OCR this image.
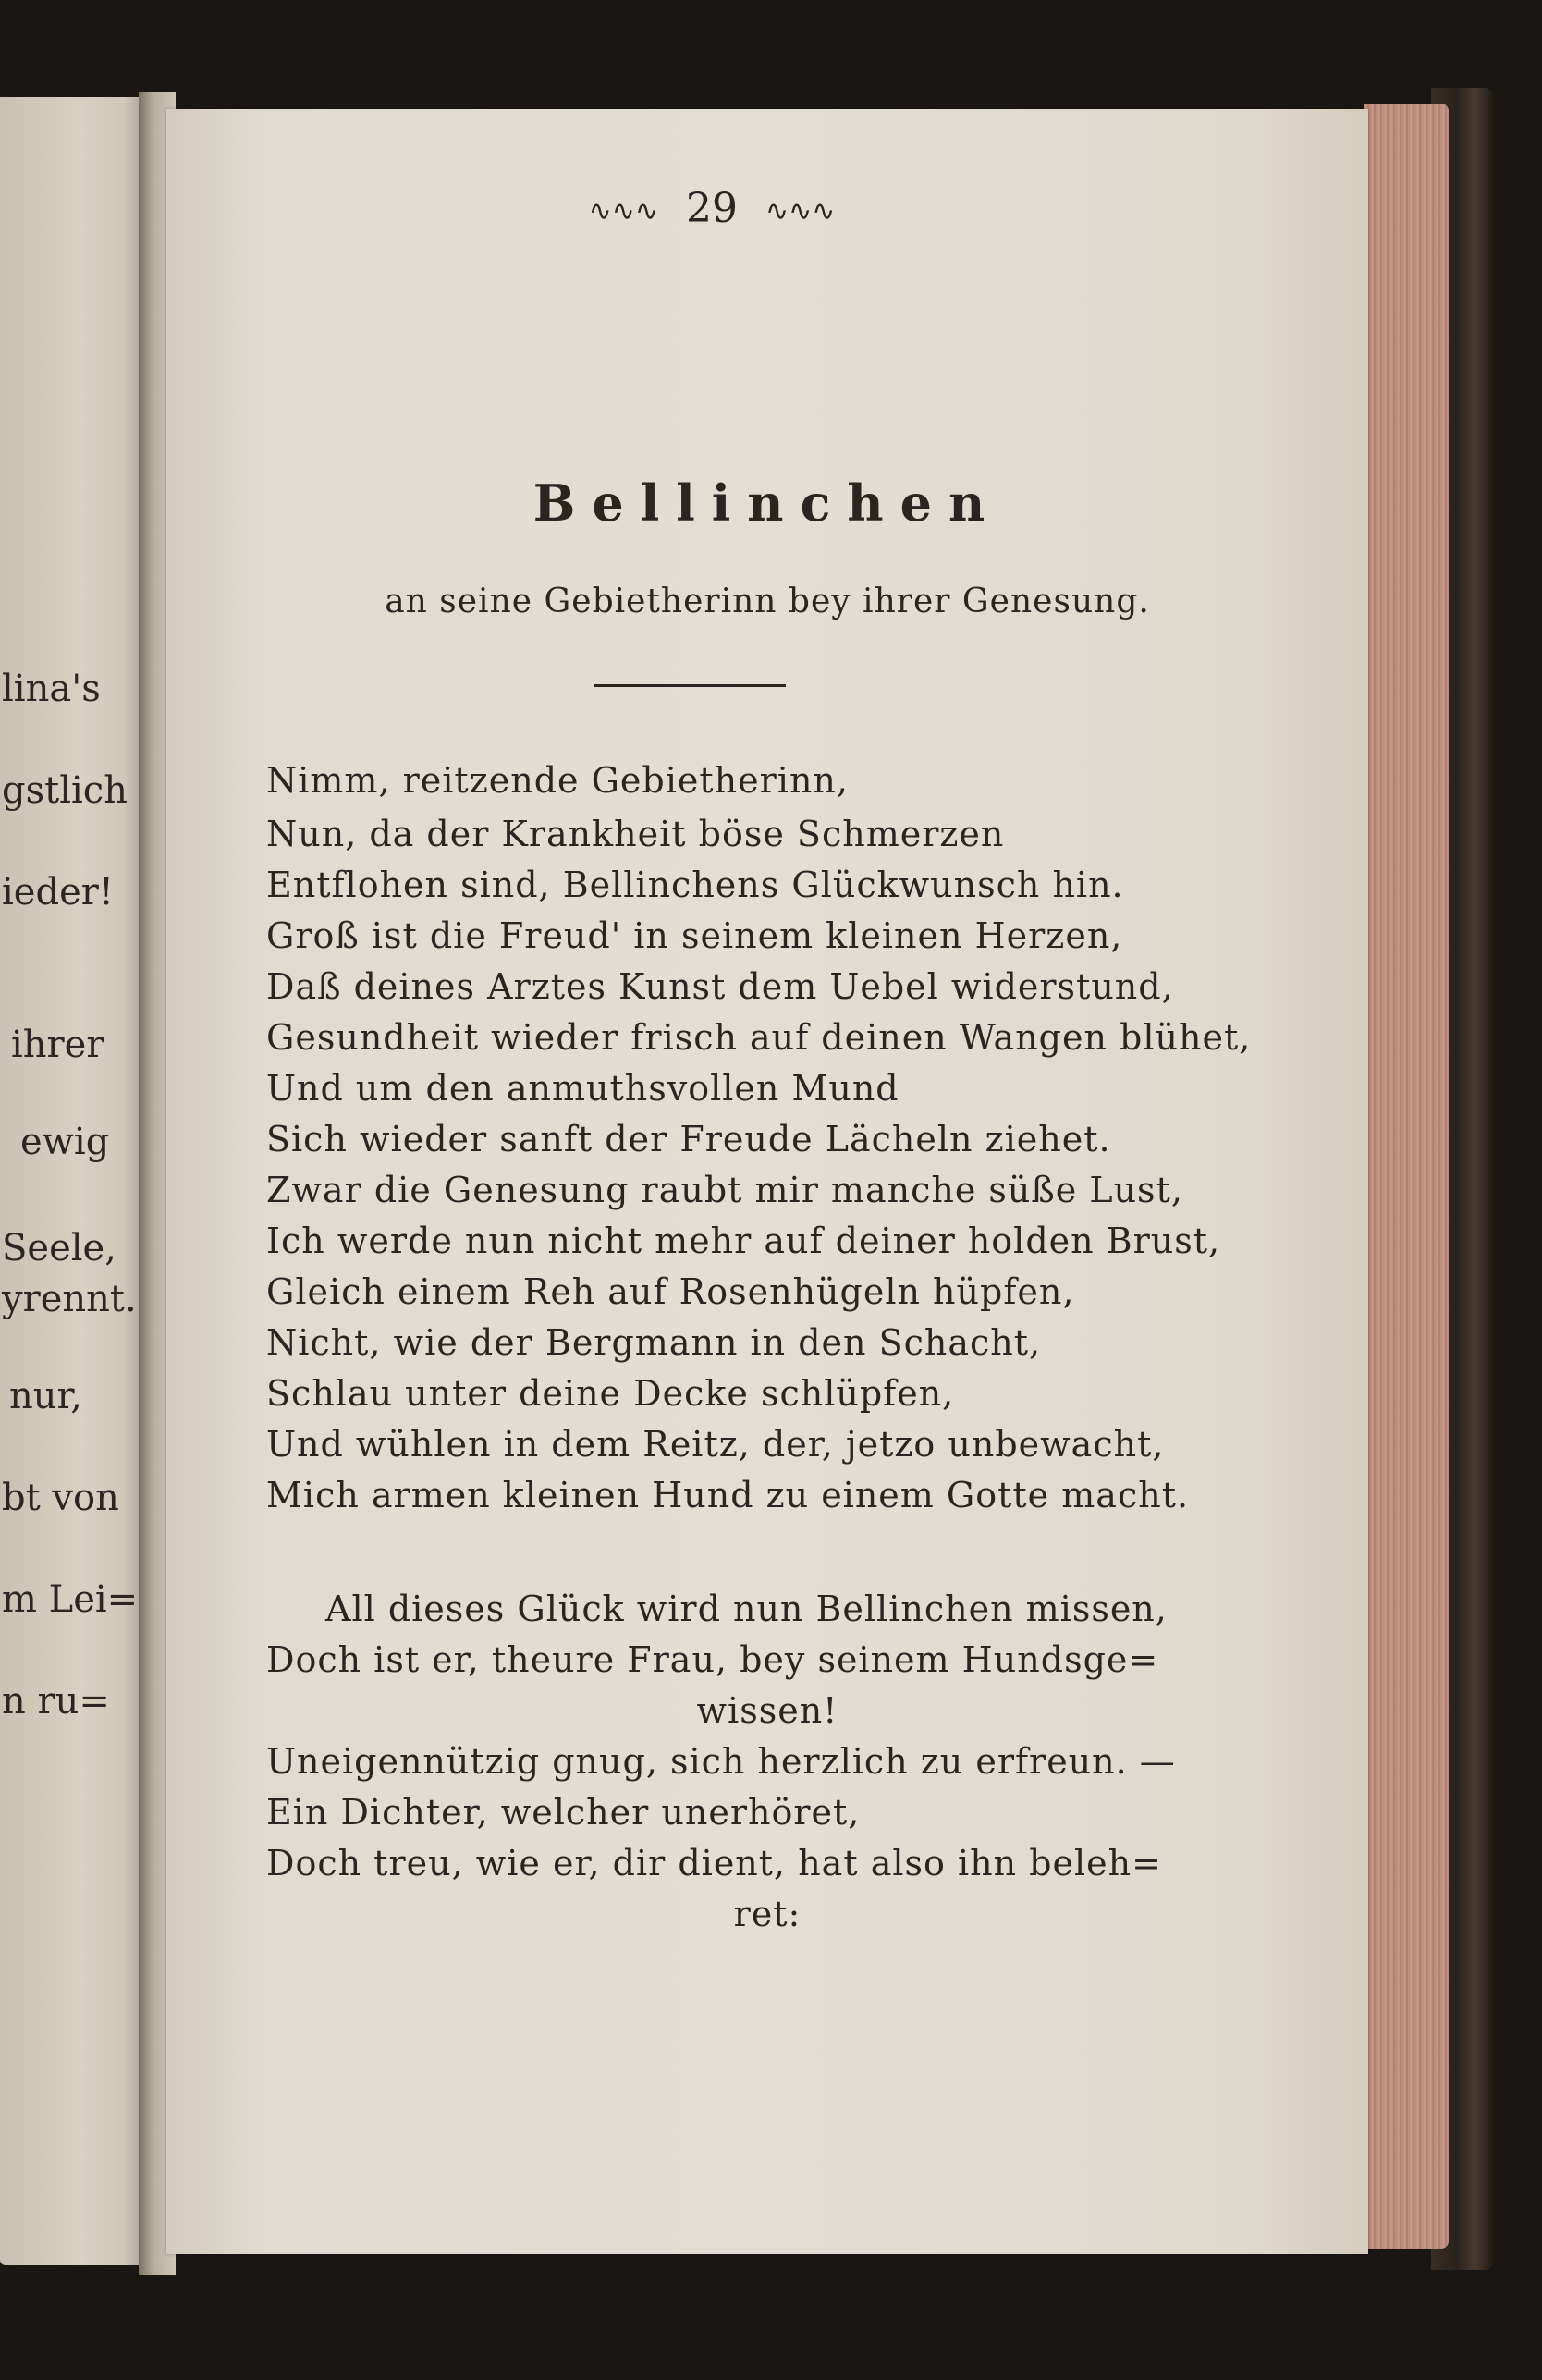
lina's
gstlich
ieder!
ihrer
ewig
Seele,
yrennt.
nur,
bt von
m Lei=
n ru=
∿∿∿ 29 ∿∿∿
Bellinchen
an seine Gebietherinn bey ihrer Genesung.
Nimm, reitzende Gebietherinn,
Nun, da der Krankheit böse Schmerzen
Entflohen sind, Bellinchens Glückwunsch hin.
Groß ist die Freud' in seinem kleinen Herzen,
Daß deines Arztes Kunst dem Uebel widerstund,
Gesundheit wieder frisch auf deinen Wangen blühet,
Und um den anmuthsvollen Mund
Sich wieder sanft der Freude Lächeln ziehet.
Zwar die Genesung raubt mir manche süße Lust,
Ich werde nun nicht mehr auf deiner holden Brust,
Gleich einem Reh auf Rosenhügeln hüpfen,
Nicht, wie der Bergmann in den Schacht,
Schlau unter deine Decke schlüpfen,
Und wühlen in dem Reitz, der, jetzo unbewacht,
Mich armen kleinen Hund zu einem Gotte macht.
All dieses Glück wird nun Bellinchen missen,
Doch ist er, theure Frau, bey seinem Hundsge=
wissen!
Uneigennützig gnug, sich herzlich zu erfreun. —
Ein Dichter, welcher unerhöret,
Doch treu, wie er, dir dient, hat also ihn beleh=
ret:
